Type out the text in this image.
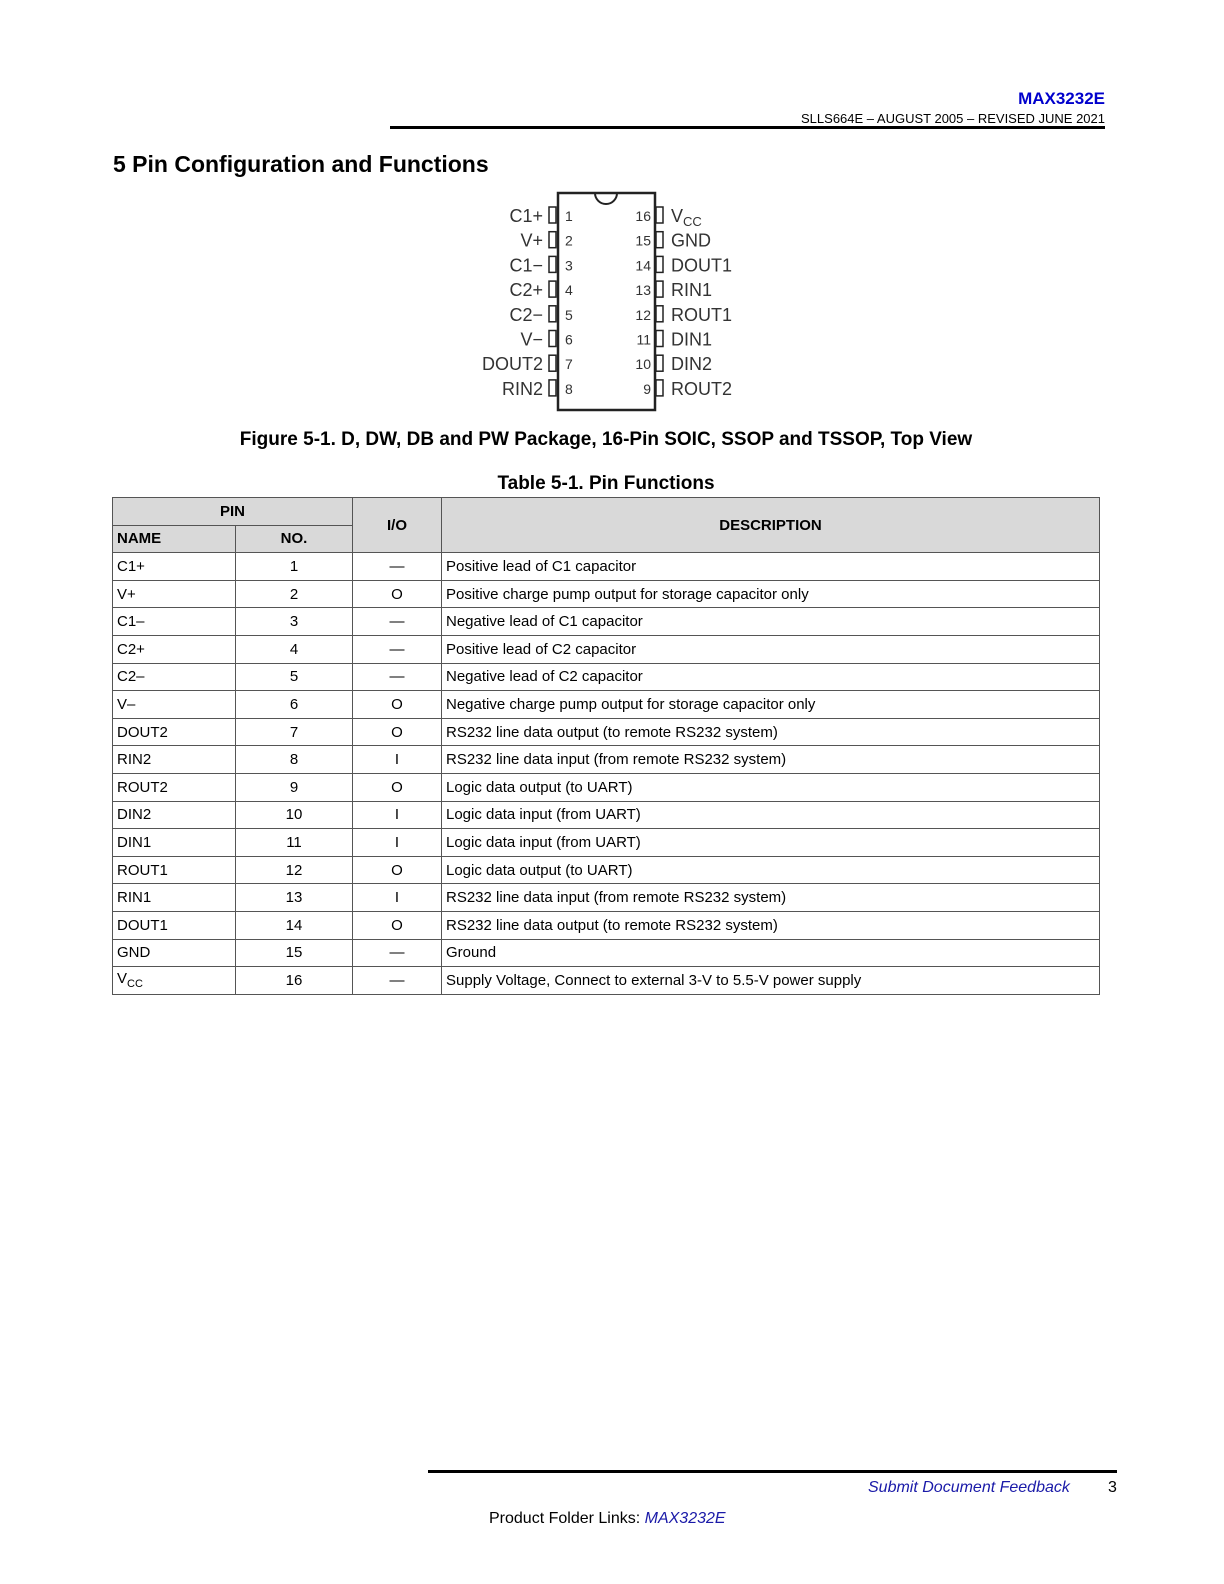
MAX3232E
SLLS664E – AUGUST 2005 – REVISED JUNE 2021
5 Pin Configuration and Functions
1
C1+
2
V+
3
C1−
4
C2+
5
C2−
6
V−
7
DOUT2
8
RIN2
16 $V_{CC}$
15 GND
14 DOUT1
13 RIN1
12 ROUT1
11 DIN1
10 DIN2
9 ROUT2
Figure 5-1. D, DW, DB and PW Package, 16-Pin SOIC, SSOP and TSSOP, Top View
Table 5-1. Pin Functions
PIN		I/O	DESCRIPTION
NAME	NO.		
C1+	1	—	Positive lead of C1 capacitor
V+	2	O	Positive charge pump output for storage capacitor only
C1–	3	—	Negative lead of C1 capacitor
C2+	4	—	Positive lead of C2 capacitor
C2–	5	—	Negative lead of C2 capacitor
V–	6	O	Negative charge pump output for storage capacitor only
DOUT2	7	O	RS232 line data output (to remote RS232 system)
RIN2	8	I	RS232 line data input (from remote RS232 system)
ROUT2	9	O	Logic data output (to UART)
DIN2	10	I	Logic data input (from UART)
DIN1	11	I	Logic data input (from UART)
ROUT1	12	O	Logic data output (to UART)
RIN1	13	I	RS232 line data input (from remote RS232 system)
DOUT1	14	O	RS232 line data output (to remote RS232 system)
GND	15	—	Ground
$V_{CC}$	16	—	Supply Voltage, Connect to external 3-V to 5.5-V power supply
Submit Document Feedback 3
Product Folder Links: MAX3232E
